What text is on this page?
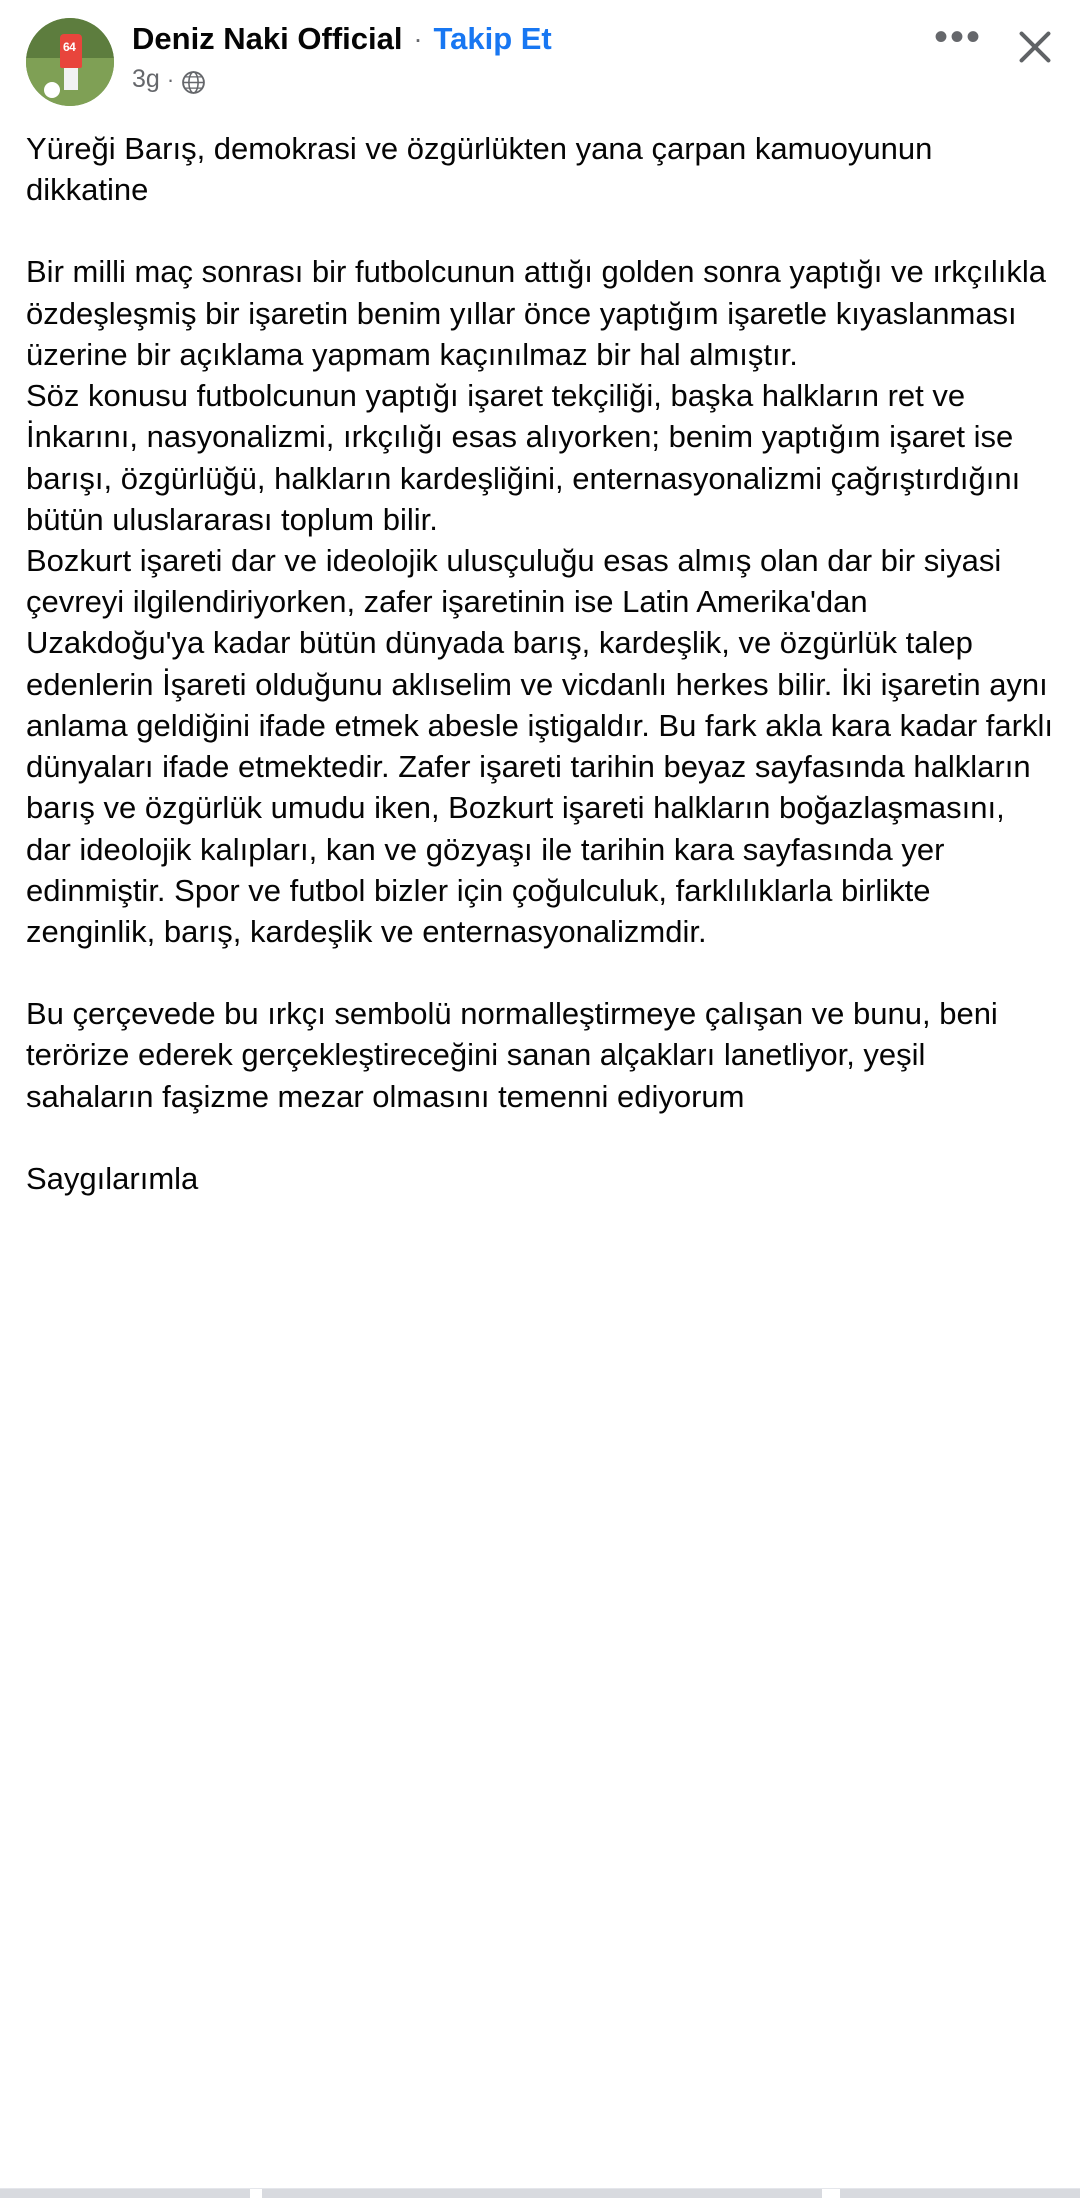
64 Deniz Naki Official · Takip Et
3g ·
•••

Yüreği Barış, demokrasi ve özgürlükten yana çarpan kamuoyunun dikkatine

Bir milli maç sonrası bir futbolcunun attığı golden sonra yaptığı ve ırkçılıkla özdeşleşmiş bir işaretin benim yıllar önce yaptığım işaretle kıyaslanması üzerine bir açıklama yapmam kaçınılmaz bir hal almıştır.

Söz konusu futbolcunun yaptığı işaret tekçiliği, başka halkların ret ve İnkarını, nasyonalizmi, ırkçılığı esas alıyorken; benim yaptığım işaret ise barışı, özgürlüğü, halkların kardeşliğini, enternasyonalizmi çağrıştırdığını bütün uluslararası toplum bilir.

Bozkurt işareti dar ve ideolojik ulusçuluğu esas almış olan dar bir siyasi çevreyi ilgilendiriyorken, zafer işaretinin ise Latin Amerika'dan Uzakdoğu'ya kadar bütün dünyada barış, kardeşlik, ve özgürlük talep edenlerin İşareti olduğunu aklıselim ve vicdanlı herkes bilir. İki işaretin aynı anlama geldiğini ifade etmek abesle iştigaldır. Bu fark akla kara kadar farklı dünyaları ifade etmektedir. Zafer işareti tarihin beyaz sayfasında halkların barış ve özgürlük umudu iken, Bozkurt işareti halkların boğazlaşmasını, dar ideolojik kalıpları, kan ve gözyaşı ile tarihin kara sayfasında yer edinmiştir. Spor ve futbol bizler için çoğulculuk, farklılıklarla birlikte zenginlik, barış, kardeşlik ve enternasyonalizmdir.

Bu çerçevede bu ırkçı sembolü normalleştirmeye çalışan ve bunu, beni terörize ederek gerçekleştireceğini sanan alçakları lanetliyor, yeşil sahaların faşizme mezar olmasını temenni ediyorum

Saygılarımla
